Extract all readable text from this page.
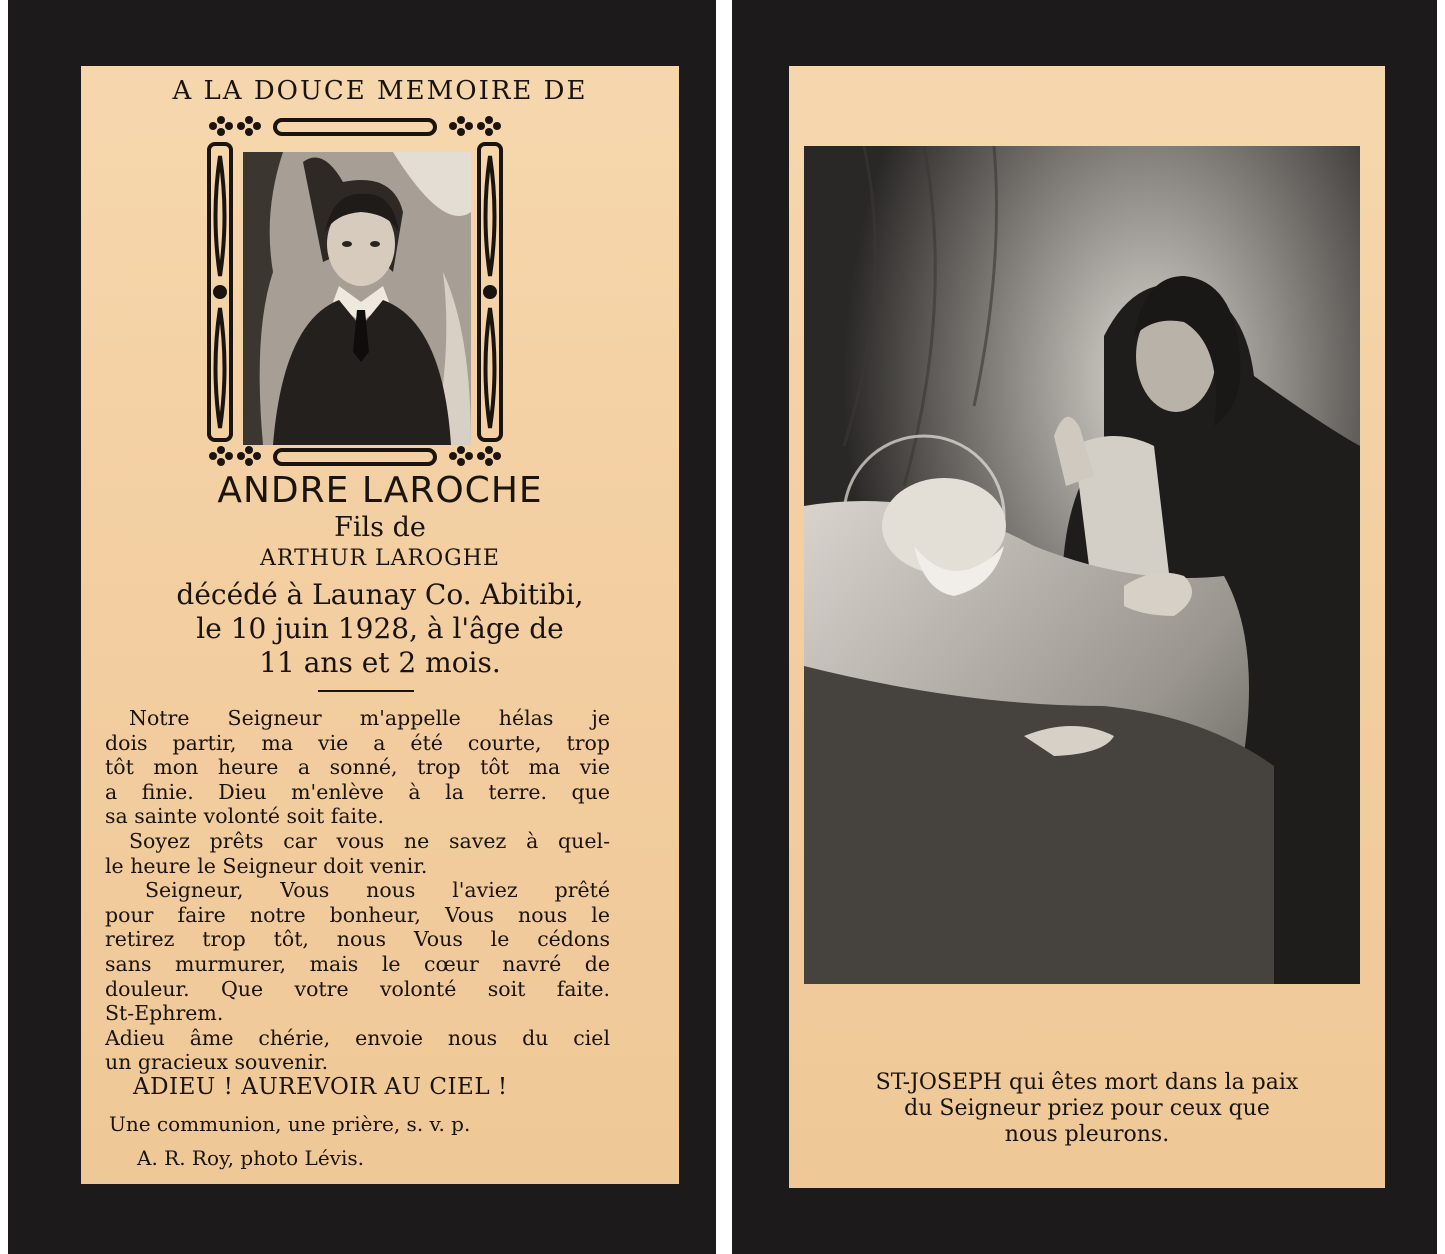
A LA DOUCE MEMOIRE DE
ANDRE LAROCHE
Fils de
ARTHUR LAROGHE
décédé à Launay Co. Abitibi,
le 10 juin 1928, à l'âge de
11 ans et 2 mois.
Notre Seigneur m'appelle hélas je
dois partir, ma vie a été courte, trop
tôt mon heure a sonné, trop tôt ma vie
a finie. Dieu m'enlève à la terre. que
sa sainte volonté soit faite.
Soyez prêts car vous ne savez à quel-
le heure le Seigneur doit venir.
Seigneur, Vous nous l'aviez prêté
pour faire notre bonheur, Vous nous le
retirez trop tôt, nous Vous le cédons
sans murmurer, mais le cœur navré de
douleur. Que votre volonté soit faite.
St-Ephrem.
Adieu âme chérie, envoie nous du ciel
un gracieux souvenir.
ADIEU ! AUREVOIR AU CIEL !
Une communion, une prière, s. v. p.
A. R. Roy, photo Lévis.
ST-JOSEPH qui êtes mort dans la paix
du Seigneur priez pour ceux que
nous pleurons.
